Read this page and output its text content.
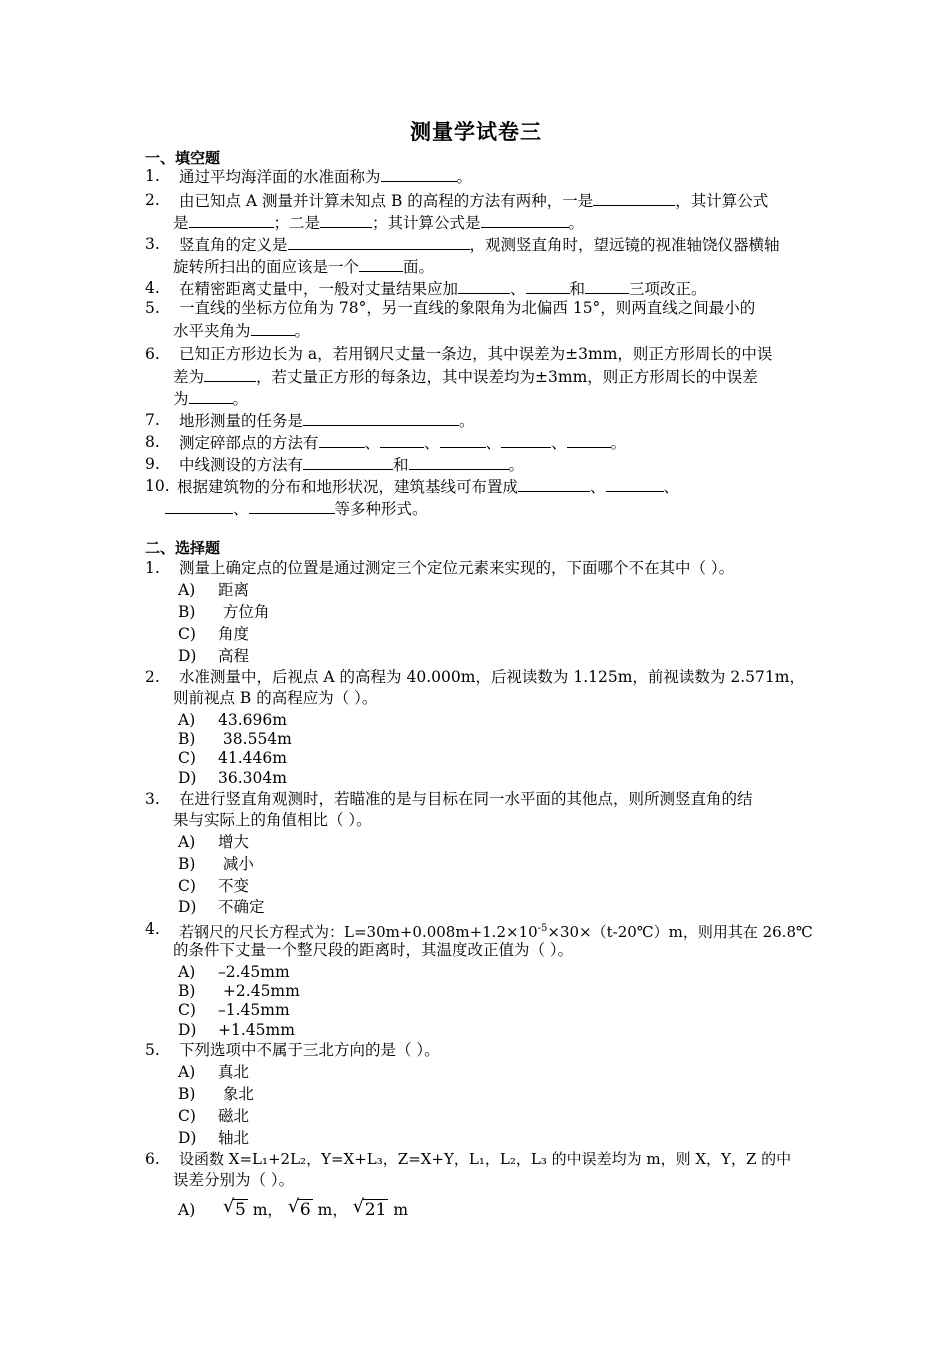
测量学试卷三
一、填空题
1. 通过平均海洋面的水准面称为	。
2. 由已知点 A 测量并计算未知点 B 的高程的方法有两种，一是	，其计算公式
是	；二是	；其计算公式是	。
3. 竖直角的定义是	，观测竖直角时，望远镜的视准轴饶仪器横轴
旋转所扫出的面应该是一个	面。
4. 在精密距离丈量中，一般对丈量结果应加	、	和	三项改正。
5. 一直线的坐标方位角为 78°，另一直线的象限角为北偏西 15°，则两直线之间最小的
水平夹角为	。
6. 已知正方形边长为 a，若用钢尺丈量一条边，其中误差为±3mm，则正方形周长的中误
差为	，若丈量正方形的每条边，其中误差均为±3mm，则正方形周长的中误差
为	。
7. 地形测量的任务是	。
8. 测定碎部点的方法有	、	、	、	、	。
9. 中线测设的方法有	和	。
10. 根据建筑物的分布和地形状况，建筑基线可布置成	、	、
、	等多种形式。
二、选择题
1. 测量上确定点的位置是通过测定三个定位元素来实现的，下面哪个不在其中（ ）。
A) 距离
B) 方位角
C) 角度
D) 高程
2. 水准测量中，后视点 A 的高程为 40.000m，后视读数为 1.125m，前视读数为 2.571m，
则前视点 B 的高程应为（ ）。
A) 43.696m
B) 38.554m
C) 41.446m
D) 36.304m
3. 在进行竖直角观测时，若瞄准的是与目标在同一水平面的其他点，则所测竖直角的结
果与实际上的角值相比（ ）。
A) 增大
B) 减小
C) 不变
D) 不确定
4. 若钢尺的尺长方程式为：$L=30m+0.008m+1.2\times 10^{-5}\times 30\times(t-20℃)m$，则用其在 26.8℃
的条件下丈量一个整尺段的距离时，其温度改正值为（ ）。
A) –2.45mm
B) +2.45mm
C) –1.45mm
D) +1.45mm
5. 下列选项中不属于三北方向的是（ ）。
A) 真北
B) 象北
C) 磁北
D) 轴北
6. 设函数 X=L₁+2L₂，Y=X+L₃，Z=X+Y，L₁，L₂，L₃ 的中误差均为 m，则 X，Y，Z 的中
误差分别为（ ）。
A) √ 5 m， √ 6 m， √ 21 m
